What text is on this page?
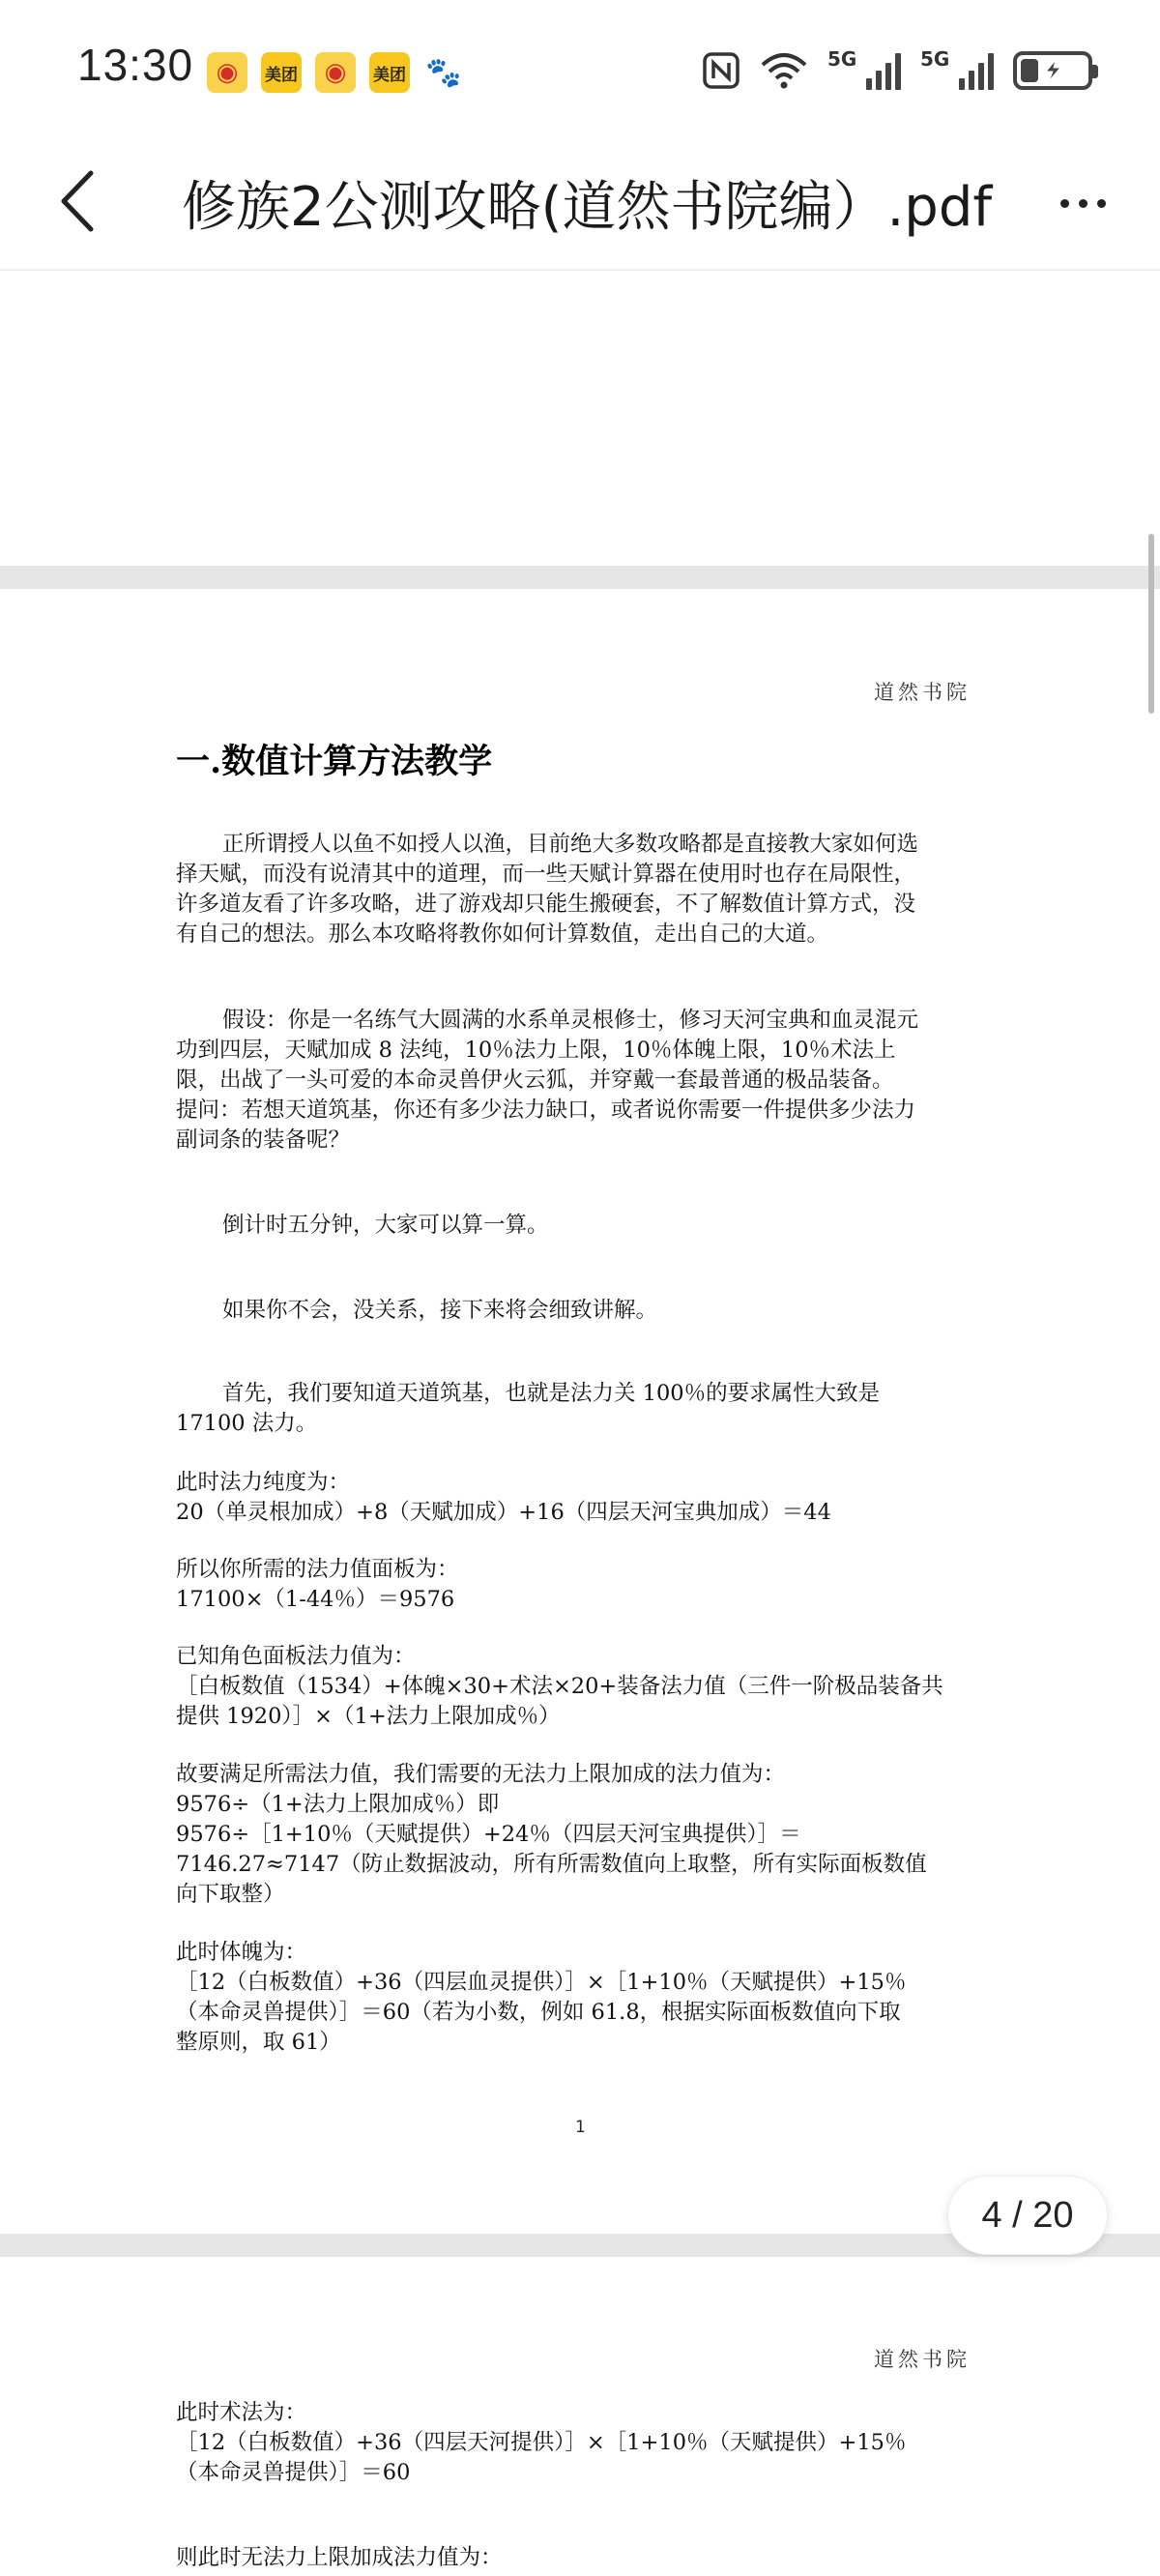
13:30 ◉	美团	◉	美团 🐾	5G	5G
修族2公测攻略(道然书院编）.pdf
道然书院
一.数值计算方法教学
正所谓授人以鱼不如授人以渔，目前绝大多数攻略都是直接教大家如何选
择天赋，而没有说清其中的道理，而一些天赋计算器在使用时也存在局限性，
许多道友看了许多攻略，进了游戏却只能生搬硬套，不了解数值计算方式，没
有自己的想法。那么本攻略将教你如何计算数值，走出自己的大道。
假设：你是一名练气大圆满的水系单灵根修士，修习天河宝典和血灵混元
功到四层，天赋加成 8 法纯，10％法力上限，10％体魄上限，10％术法上
限，出战了一头可爱的本命灵兽伊火云狐，并穿戴一套最普通的极品装备。
提问：若想天道筑基，你还有多少法力缺口，或者说你需要一件提供多少法力
副词条的装备呢？
倒计时五分钟，大家可以算一算。
如果你不会，没关系，接下来将会细致讲解。
首先，我们要知道天道筑基，也就是法力关 100％的要求属性大致是
17100 法力。
此时法力纯度为：
20（单灵根加成）+8（天赋加成）+16（四层天河宝典加成）＝44
所以你所需的法力值面板为：
17100×（1-44％）＝9576
已知角色面板法力值为：
［白板数值（1534）+体魄×30+术法×20+装备法力值（三件一阶极品装备共
提供 1920）］×（1+法力上限加成％）
故要满足所需法力值，我们需要的无法力上限加成的法力值为：
9576÷（1+法力上限加成％）即
9576÷［1+10％（天赋提供）+24％（四层天河宝典提供）］＝
7146.27≈7147（防止数据波动，所有所需数值向上取整，所有实际面板数值
向下取整）
此时体魄为：
［12（白板数值）+36（四层血灵提供）］×［1+10％（天赋提供）+15％
（本命灵兽提供）］＝60（若为小数，例如 61.8，根据实际面板数值向下取
整原则，取 61）
1
道然书院
此时术法为：
［12（白板数值）+36（四层天河提供）］×［1+10％（天赋提供）+15％
（本命灵兽提供）］＝60
则此时无法力上限加成法力值为：
4 / 20
